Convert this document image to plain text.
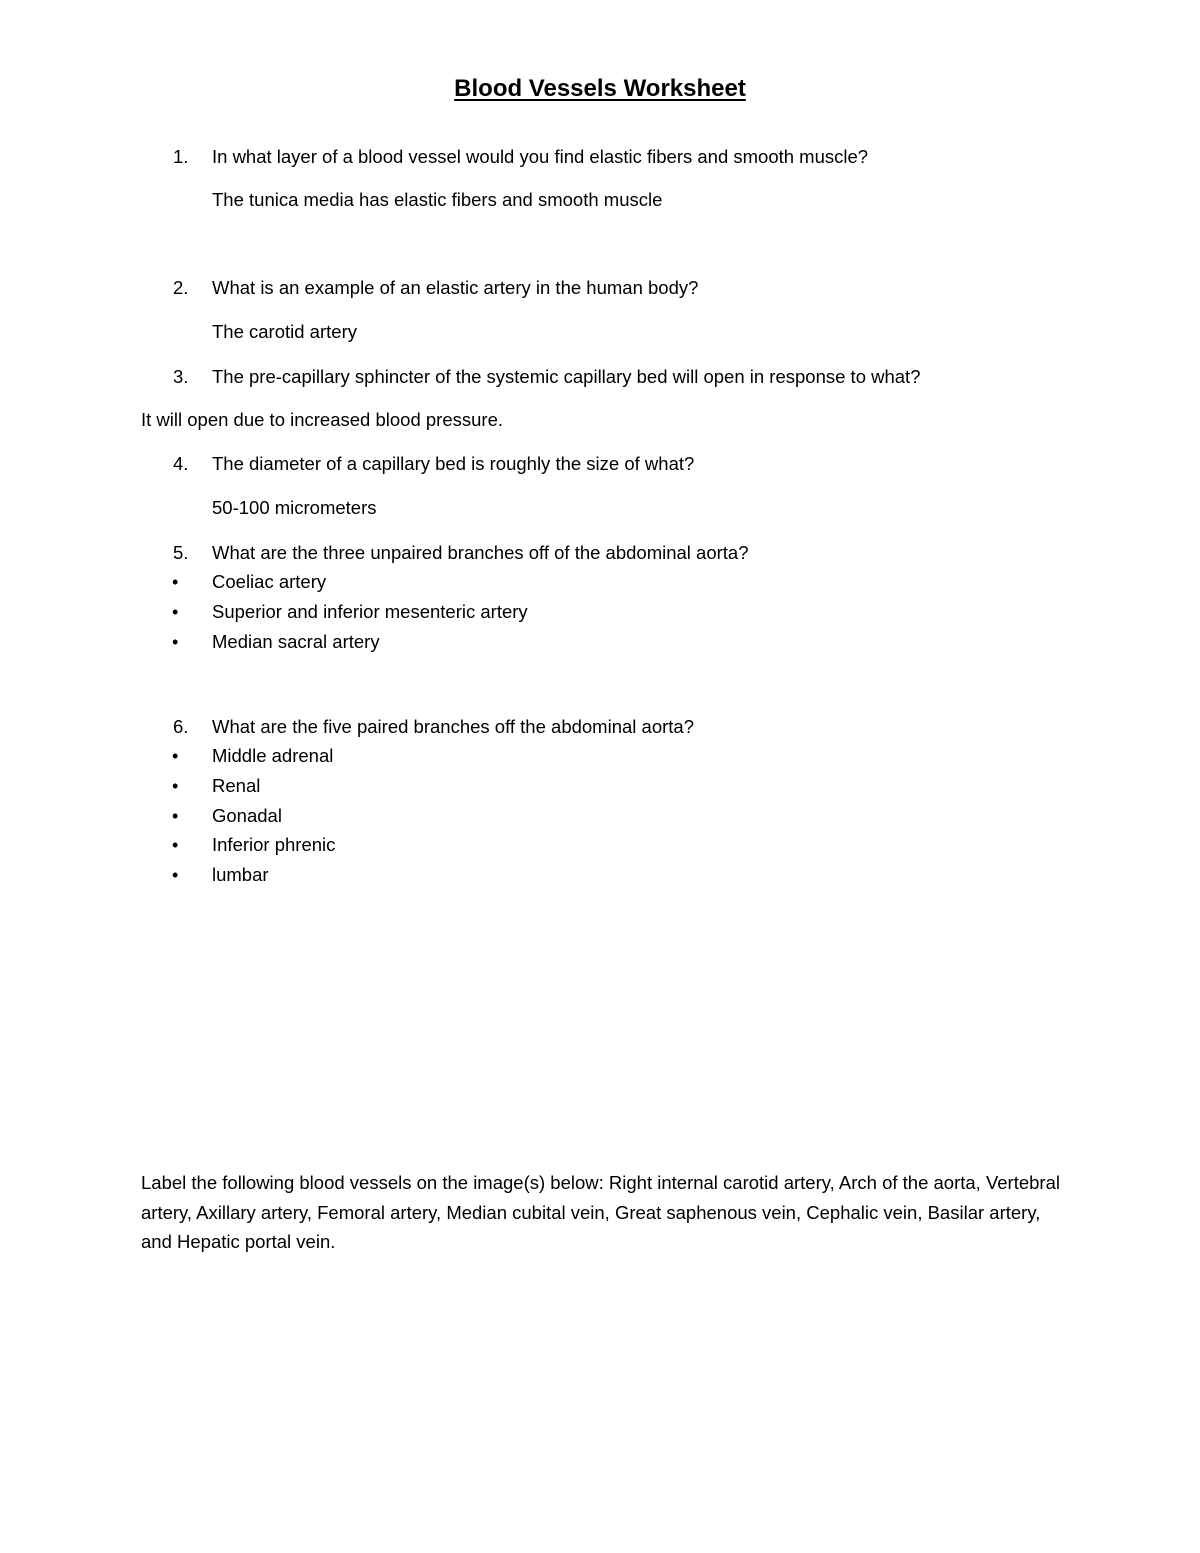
Blood Vessels Worksheet
1. In what layer of a blood vessel would you find elastic fibers and smooth muscle?
The tunica media has elastic fibers and smooth muscle
2. What is an example of an elastic artery in the human body?
The carotid artery
3. The pre-capillary sphincter of the systemic capillary bed will open in response to what?
It will open due to increased blood pressure.
4. The diameter of a capillary bed is roughly the size of what?
50-100 micrometers
5. What are the three unpaired branches off of the abdominal aorta?
• Coeliac artery
• Superior and inferior mesenteric artery
• Median sacral artery
6. What are the five paired branches off the abdominal aorta?
• Middle adrenal
• Renal
• Gonadal
• Inferior phrenic
• lumbar
Label the following blood vessels on the image(s) below: Right internal carotid artery, Arch of the aorta, Vertebral artery, Axillary artery, Femoral artery, Median cubital vein, Great saphenous vein, Cephalic vein, Basilar artery, and Hepatic portal vein.
